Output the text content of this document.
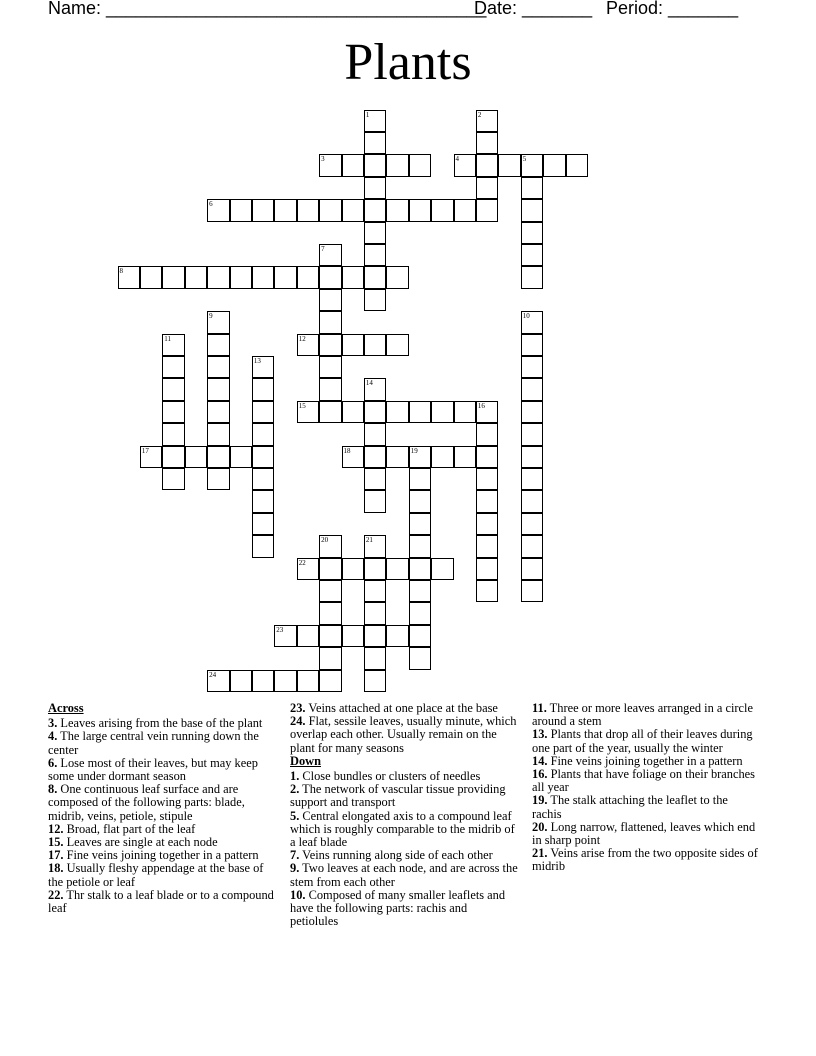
Name: ______________________________________
Date: _______ Period: _______
Plants
1	2
3	4	5
6
7
8
9	10
11	12
13
14
15	16
17	18	19
20	21
22
23
24
Across
3. Leaves arising from the base of the plant
4. The large central vein running down the center
6. Lose most of their leaves, but may keep some under dormant season
8. One continuous leaf surface and are composed of the following parts: blade, midrib, veins, petiole, stipule
12. Broad, flat part of the leaf
15. Leaves are single at each node
17. Fine veins joining together in a pattern
18. Usually fleshy appendage at the base of the petiole or leaf
22. Thr stalk to a leaf blade or to a compound leaf
23. Veins attached at one place at the base
24. Flat, sessile leaves, usually minute, which overlap each other. Usually remain on the plant for many seasons
Down
1. Close bundles or clusters of needles
2. The network of vascular tissue providing support and transport
5. Central elongated axis to a compound leaf which is roughly comparable to the midrib of a leaf blade
7. Veins running along side of each other
9. Two leaves at each node, and are across the stem from each other
10. Composed of many smaller leaflets and have the following parts: rachis and petiolules
11. Three or more leaves arranged in a circle around a stem
13. Plants that drop all of their leaves during one part of the year, usually the winter
14. Fine veins joining together in a pattern
16. Plants that have foliage on their branches all year
19. The stalk attaching the leaflet to the rachis
20. Long narrow, flattened, leaves which end in sharp point
21. Veins arise from the two opposite sides of midrib
